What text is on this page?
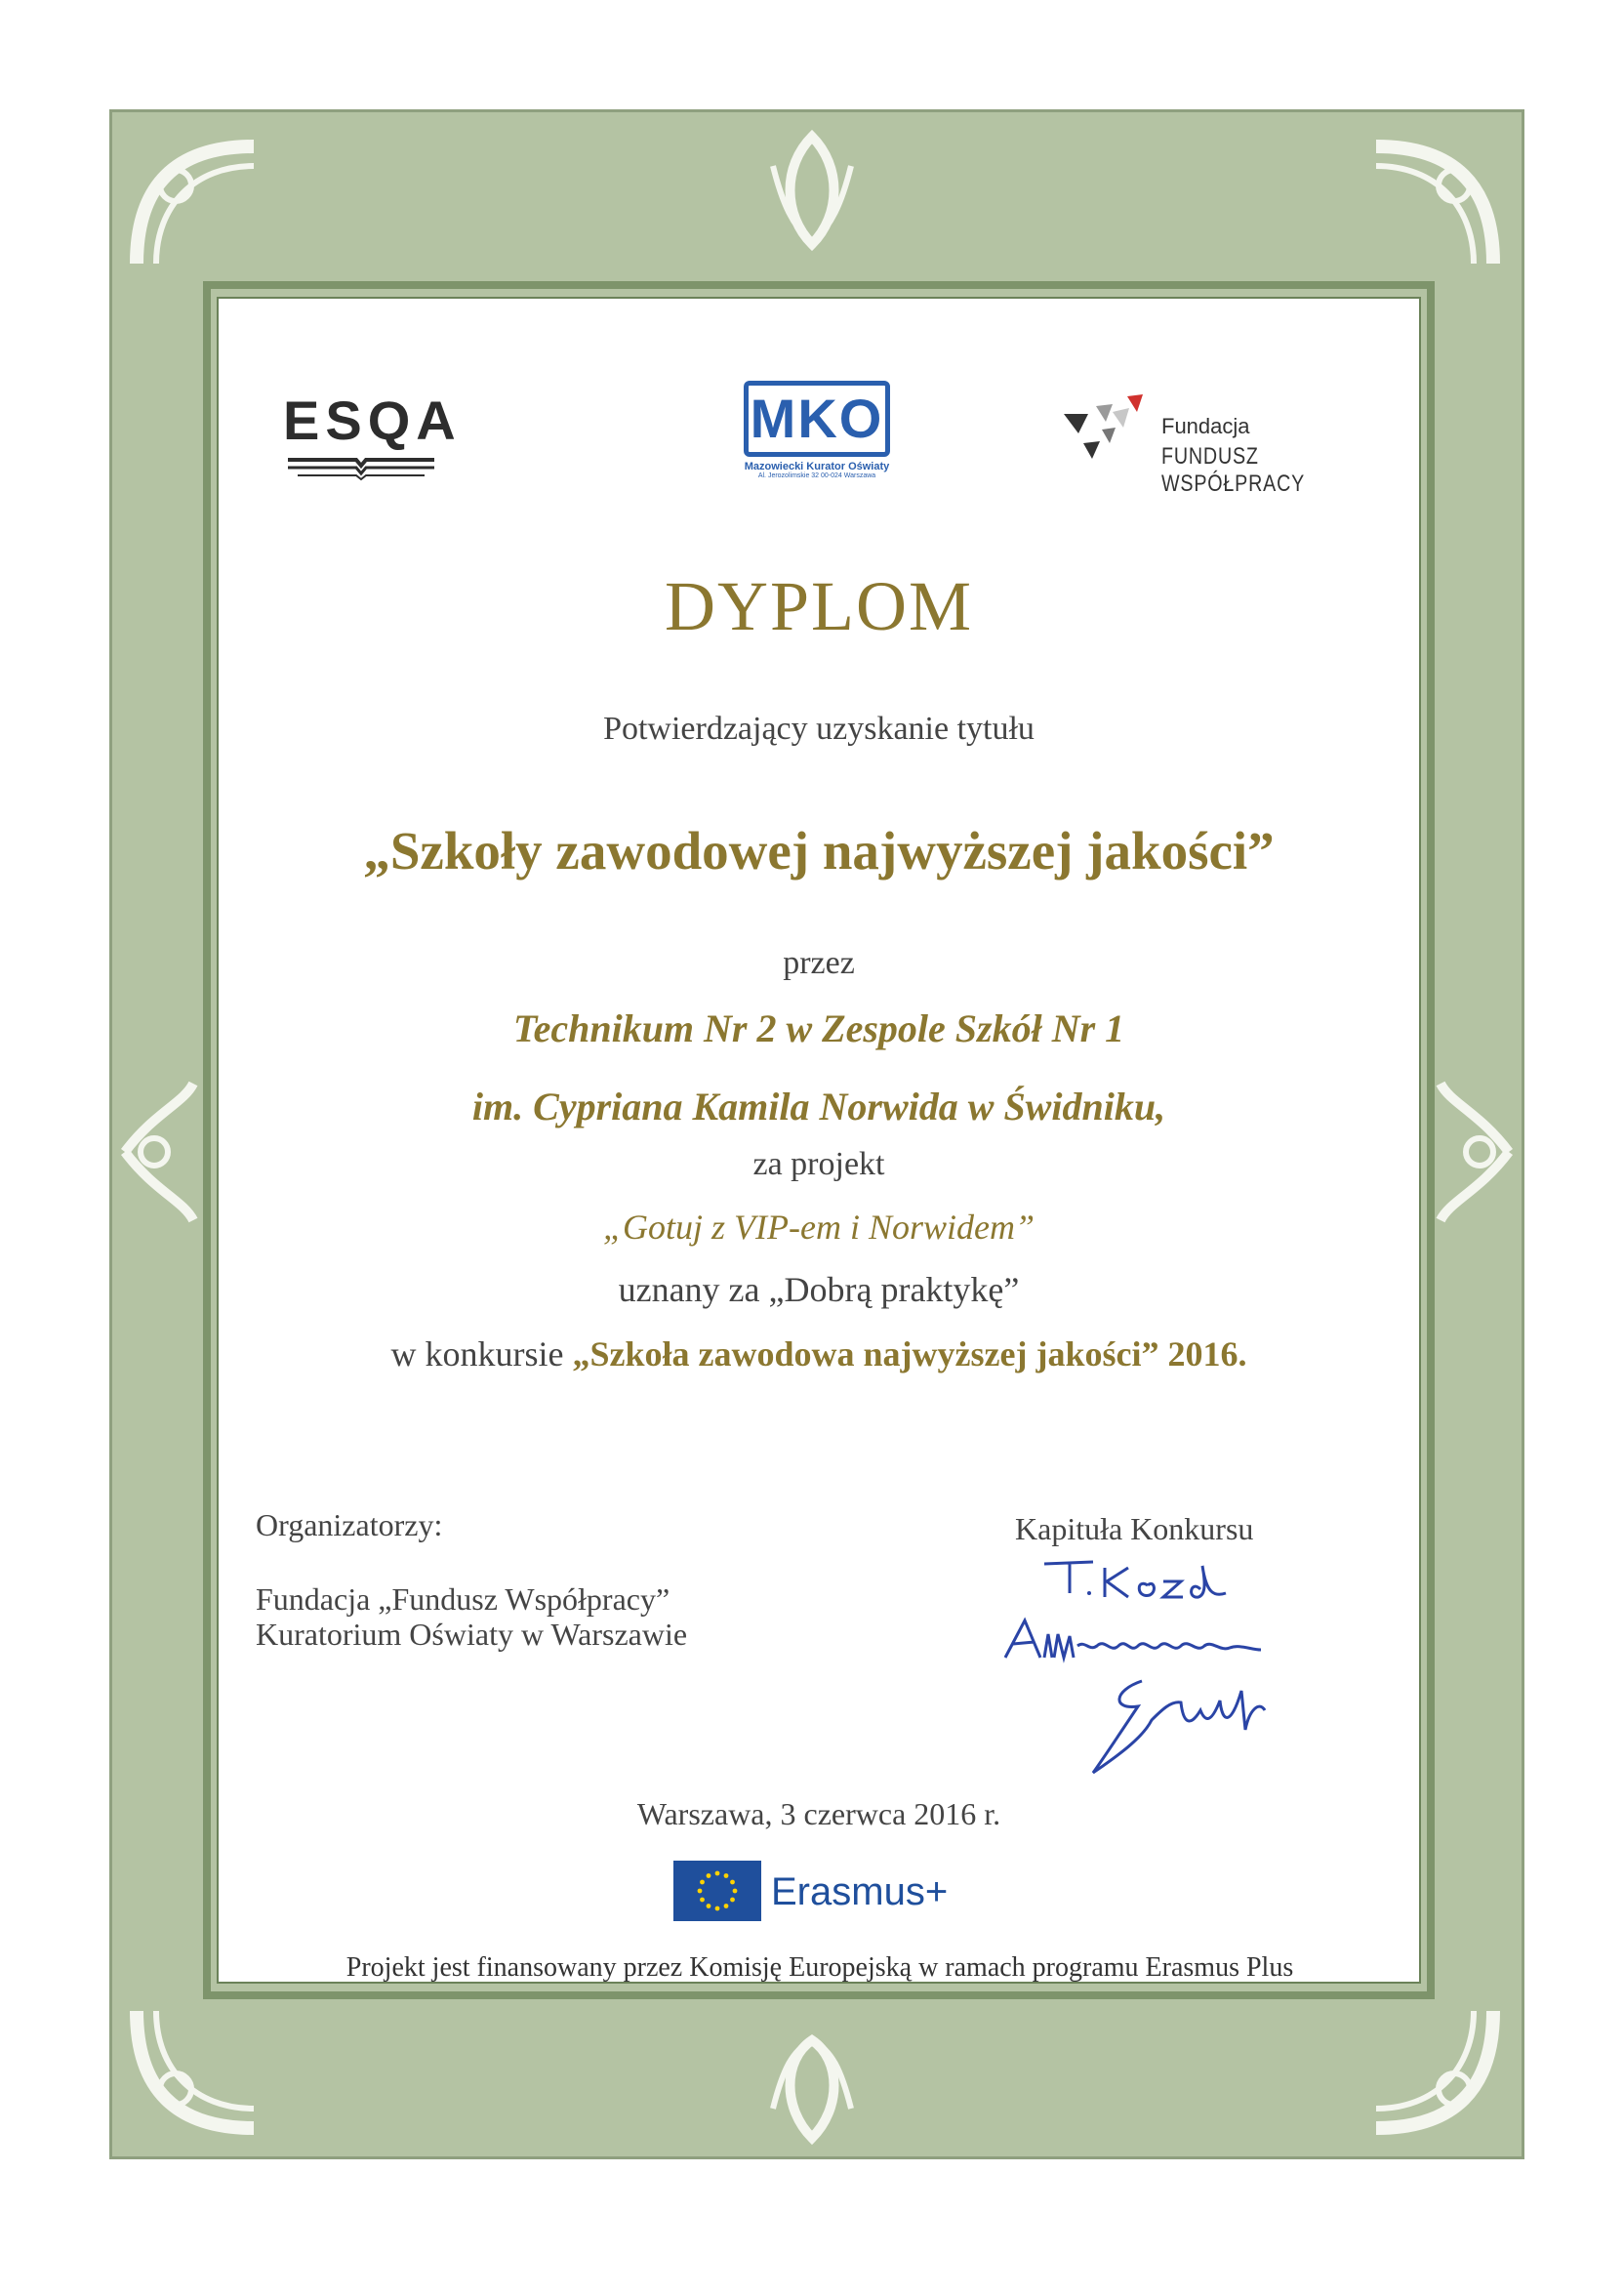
ESQA	MKO
Mazowiecki Kurator Oświaty
Al. Jerozolimskie 32 00-024 Warszawa
Fundacja
FUNDUSZ WSPÓŁPRACY
DYPLOM
Potwierdzający uzyskanie tytułu
„Szkoły zawodowej najwyższej jakości”
przez
Technikum Nr 2 w Zespole Szkół Nr 1
im. Cypriana Kamila Norwida w Świdniku,
za projekt
„Gotuj z VIP-em i Norwidem”
uznany za „Dobrą praktykę”
w konkursie „Szkoła zawodowa najwyższej jakości” 2016.
Organizatorzy:
Fundacja „Fundusz Współpracy”
Kuratorium Oświaty w Warszawie
Kapituła Konkursu
Warszawa, 3 czerwca 2016 r.
Erasmus+
Projekt jest finansowany przez Komisję Europejską w ramach programu Erasmus Plus
